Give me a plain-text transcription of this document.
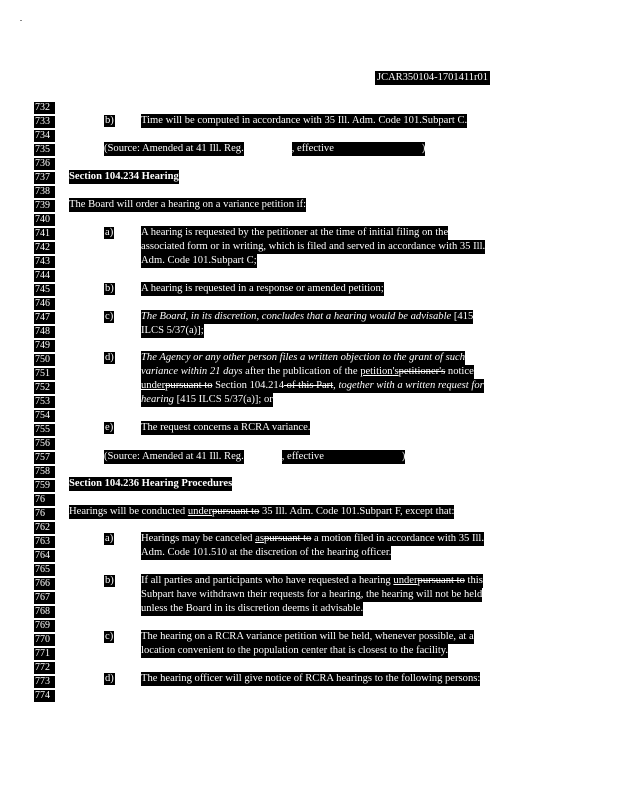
JCAR350104-1701411r01
732
733
734
735
736
737
738
739
740
741
742
743
744
745
746
747
748
749
750
751
752
753
754
755
756
757
758
759
76
76
762
763
764
765
766
767
768
769
770
771
772
773
774
b)	Time will be computed in accordance with 35 Ill. Adm. Code 101.Subpart C.
(Source: Amended at 41 Ill. Reg.	, effective	)
Section 104.234 Hearing
The Board will order a hearing on a variance petition if:
a)	A hearing is requested by the petitioner at the time of initial filing on the
associated form or in writing, which is filed and served in accordance with 35 Ill.
Adm. Code 101.Subpart C;
b)	A hearing is requested in a response or amended petition;
c)	The Board, in its discretion, concludes that a hearing would be advisable [415
ILCS 5/37(a)];
d)	The Agency or any other person files a written objection to the grant of such
variance within 21 days after the publication of the petition'spetitioner's notice
underpursuant to Section 104.214 of this Part, together with a written request for
hearing [415 ILCS 5/37(a)]; or
e)	The request concerns a RCRA variance.
(Source: Amended at 41 Ill. Reg.	, effective	)
Section 104.236 Hearing Procedures
Hearings will be conducted underpursuant to 35 Ill. Adm. Code 101.Subpart F, except that:
a)	Hearings may be canceled aspursuant to a motion filed in accordance with 35 Ill.
Adm. Code 101.510 at the discretion of the hearing officer.
b)	If all parties and participants who have requested a hearing underpursuant to this
Subpart have withdrawn their requests for a hearing, the hearing will not be held
unless the Board in its discretion deems it advisable.
c)	The hearing on a RCRA variance petition will be held, whenever possible, at a
location convenient to the population center that is closest to the facility.
d)	The hearing officer will give notice of RCRA hearings to the following persons:
